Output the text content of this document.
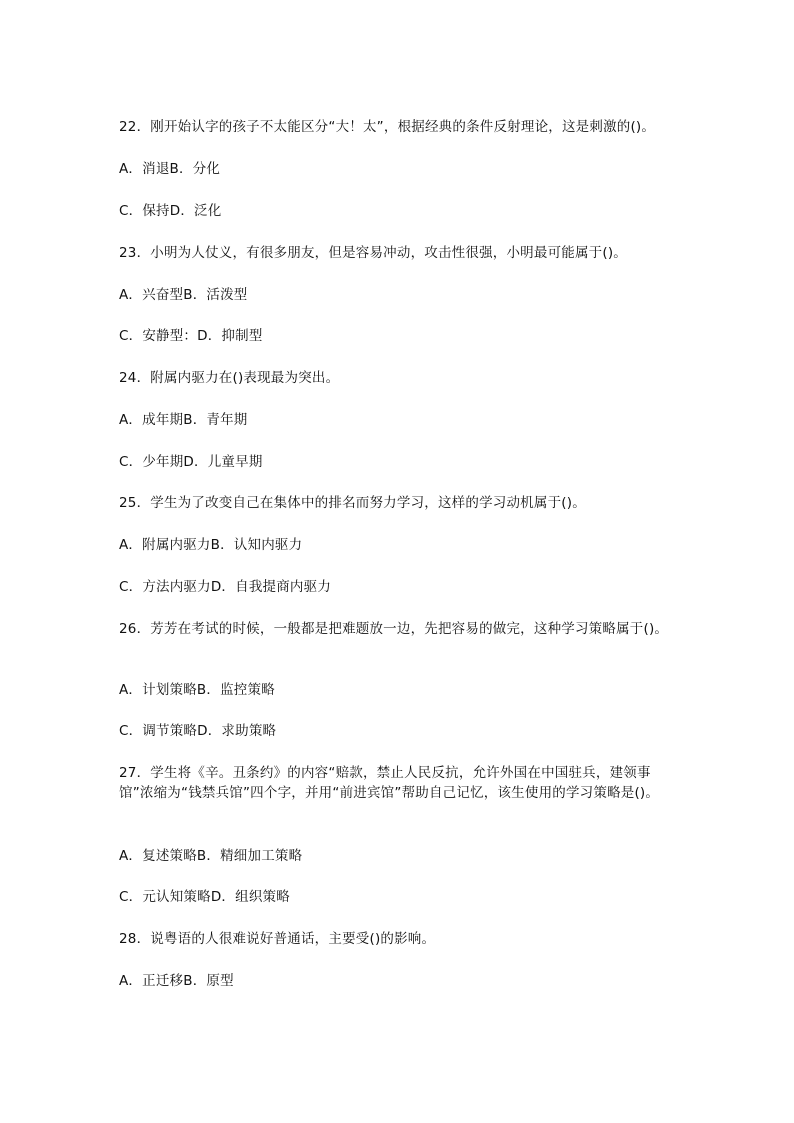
22．刚开始认字的孩子不太能区分“大！太”，根据经典的条件反射理论，这是刺激的()。
A．消退B．分化
C．保持D．泛化
23．小明为人仗义，有很多朋友，但是容易冲动，攻击性很强，小明最可能属于()。
A．兴奋型B．活泼型
C．安静型：D．抑制型
24．附属内驱力在()表现最为突出。
A．成年期B．青年期
C．少年期D．儿童早期
25．学生为了改变自己在集体中的排名而努力学习，这样的学习动机属于()。
A．附属内驱力B．认知内驱力
C．方法内驱力D．自我提商内驱力
26．芳芳在考试的时候，一般都是把难题放一边，先把容易的做完，这种学习策略属于()。
A．计划策略B．监控策略
C．调节策略D．求助策略
27．学生将《辛。丑条约》的内容“赔款，禁止人民反抗，允许外国在中国驻兵，建领事馆”浓缩为“钱禁兵馆”四个字，并用“前进宾馆”帮助自己记忆，该生使用的学习策略是()。
A．复述策略B．精细加工策略
C．元认知策略D．组织策略
28．说粤语的人很难说好普通话，主要受()的影响。
A．正迁移B．原型
